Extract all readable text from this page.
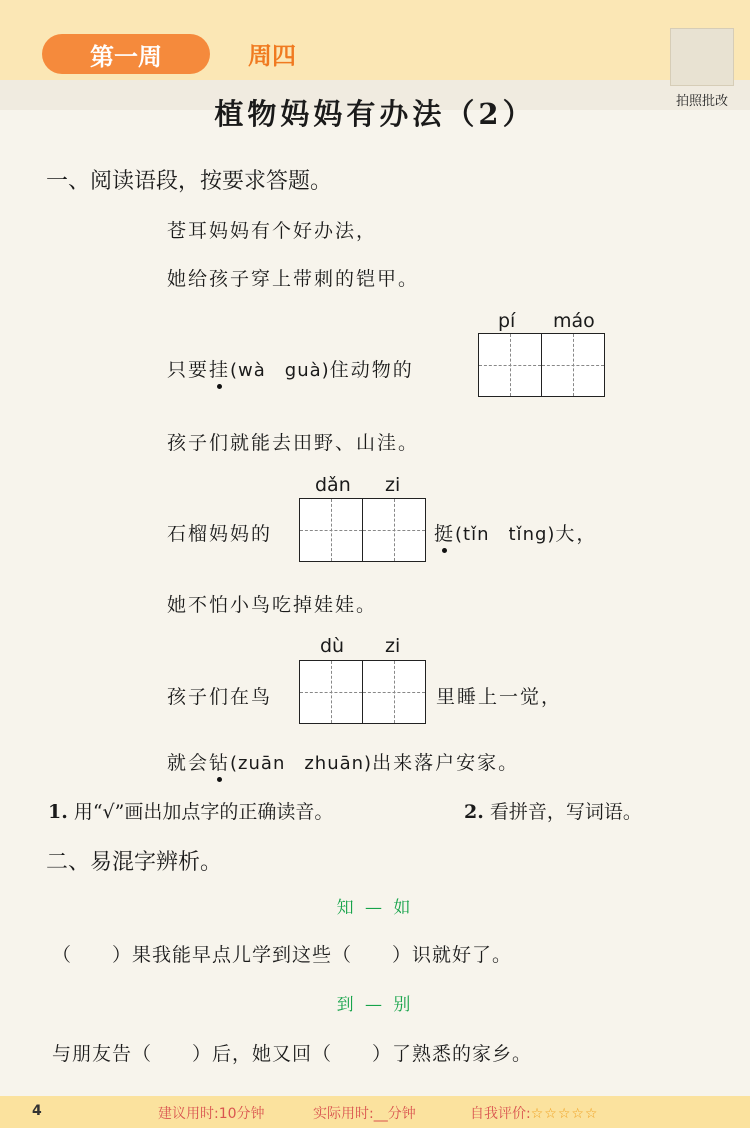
第一周	周四
拍照批改
植物妈妈有办法（2）
一、阅读语段，按要求答题。
苍耳妈妈有个好办法，
她给孩子穿上带刺的铠甲。
pí máo
只要挂(wà　guà)住动物的
孩子们就能去田野、山洼。
dǎn zi
石榴妈妈的	挺(tǐn　tǐng)大，
她不怕小鸟吃掉娃娃。
dù zi
孩子们在鸟	里睡上一觉，
就会钻(zuān　zhuān)出来落户安家。
1. 用“√”画出加点字的正确读音。	2. 看拼音，写词语。
二、易混字辨析。
知 — 如
（　　）果我能早点儿学到这些（　　）识就好了。
到 — 别
与朋友告（　　）后，她又回（　　）了熟悉的家乡。
4	建议用时:10分钟	实际用时:__分钟	自我评价:☆☆☆☆☆
